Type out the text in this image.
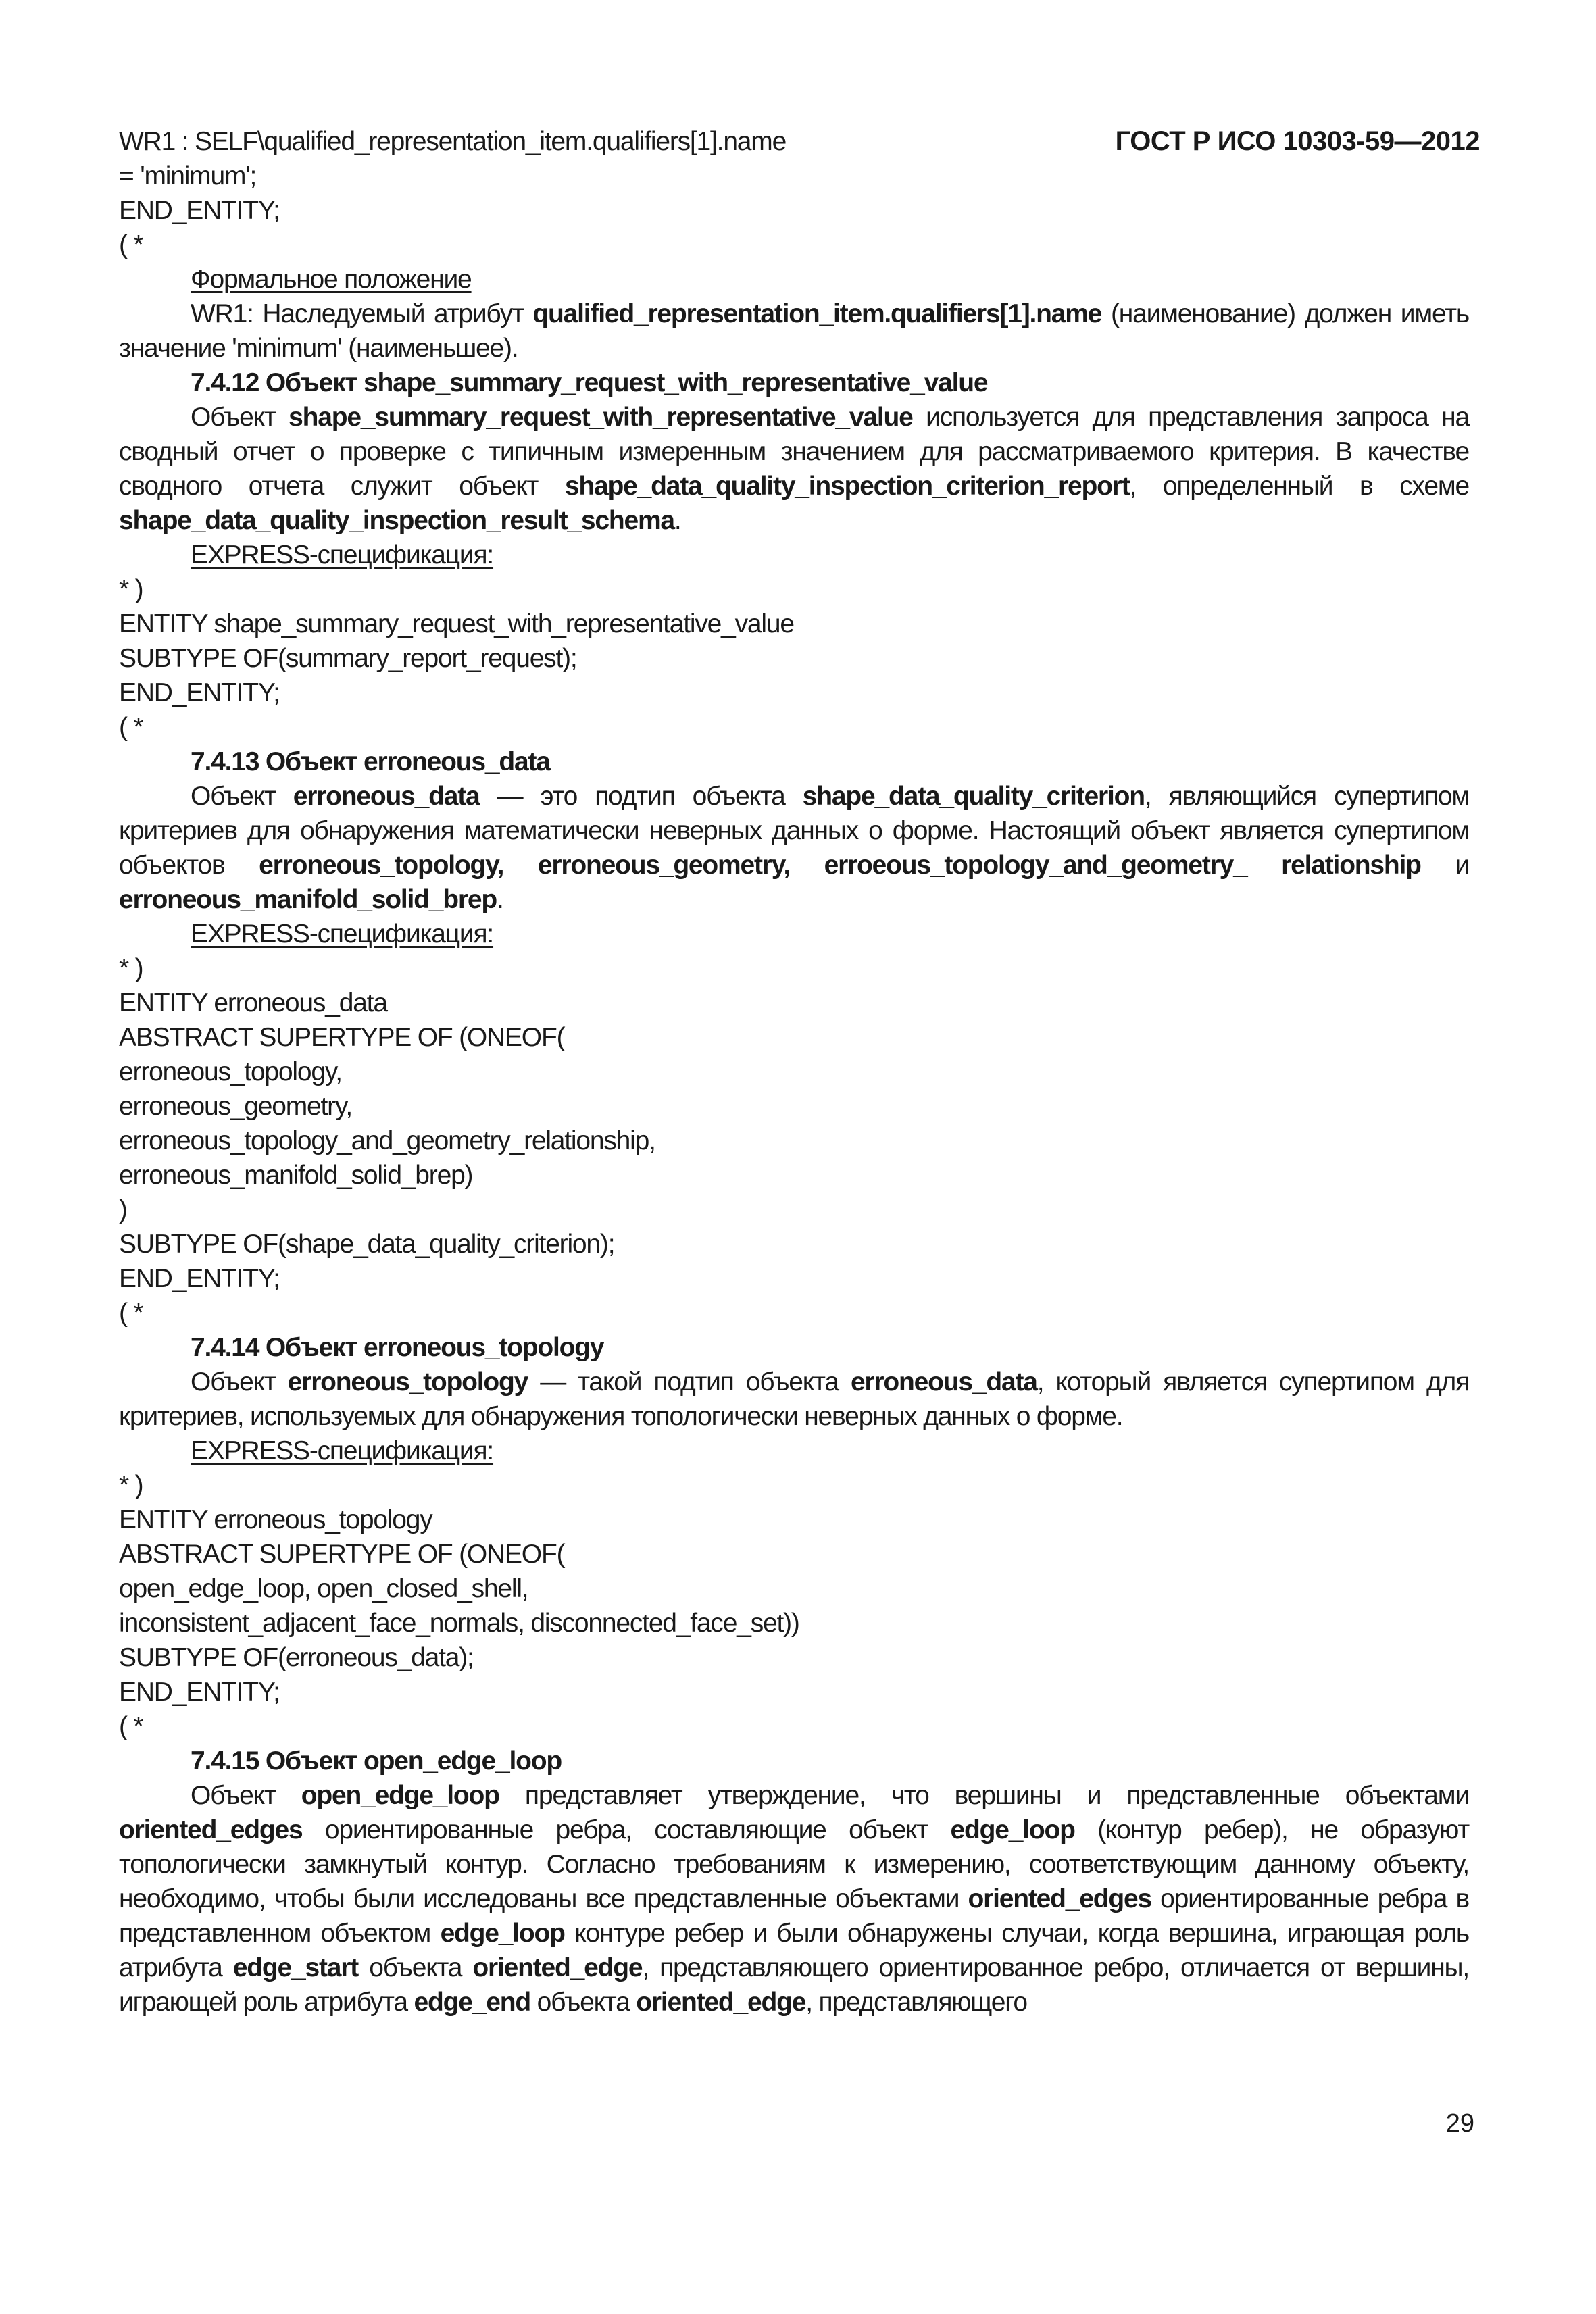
ГОСТ Р ИСО 10303-59—2012
WR1 : SELF\qualified_representation_item.qualifiers[1].name
= 'minimum';
END_ENTITY;
( *
Формальное положение
WR1: Наследуемый атрибут qualified_representation_item.qualifiers[1].name (наименование) должен иметь значение 'minimum' (наименьшее).
7.4.12 Объект shape_summary_request_with_representative_value
Объект shape_summary_request_with_representative_value используется для представления запроса на сводный отчет о проверке с типичным измеренным значением для рассматриваемого критерия. В качестве сводного отчета служит объект shape_data_quality_inspection_criterion_report, определенный в схеме shape_data_quality_inspection_result_schema.
EXPRESS-спецификация:
* )
ENTITY shape_summary_request_with_representative_value
SUBTYPE OF(summary_report_request);
END_ENTITY;
( *
7.4.13 Объект erroneous_data
Объект erroneous_data — это подтип объекта shape_data_quality_criterion, являющийся супертипом критериев для обнаружения математически неверных данных о форме. Настоящий объект является супертипом объектов erroneous_topology, erroneous_geometry, erroeous_topology_and_geometry_ relationship и erroneous_manifold_solid_brep.
EXPRESS-спецификация:
* )
ENTITY erroneous_data
ABSTRACT SUPERTYPE OF (ONEOF(
erroneous_topology,
erroneous_geometry,
erroneous_topology_and_geometry_relationship,
erroneous_manifold_solid_brep)
)
SUBTYPE OF(shape_data_quality_criterion);
END_ENTITY;
( *
7.4.14 Объект erroneous_topology
Объект erroneous_topology — такой подтип объекта erroneous_data, который является супертипом для критериев, используемых для обнаружения топологически неверных данных о форме.
EXPRESS-спецификация:
* )
ENTITY erroneous_topology
ABSTRACT SUPERTYPE OF (ONEOF(
open_edge_loop, open_closed_shell,
inconsistent_adjacent_face_normals, disconnected_face_set))
SUBTYPE OF(erroneous_data);
END_ENTITY;
( *
7.4.15 Объект open_edge_loop
Объект open_edge_loop представляет утверждение, что вершины и представленные объектами oriented_edges ориентированные ребра, составляющие объект edge_loop (контур ребер), не образуют топологически замкнутый контур. Согласно требованиям к измерению, соответствующим данному объекту, необходимо, чтобы были исследованы все представленные объектами oriented_edges ориентированные ребра в представленном объектом edge_loop контуре ребер и были обнаружены случаи, когда вершина, играющая роль атрибута edge_start объекта oriented_edge, представляющего ориентированное ребро, отличается от вершины, играющей роль атрибута edge_end объекта oriented_edge, представляющего
29
